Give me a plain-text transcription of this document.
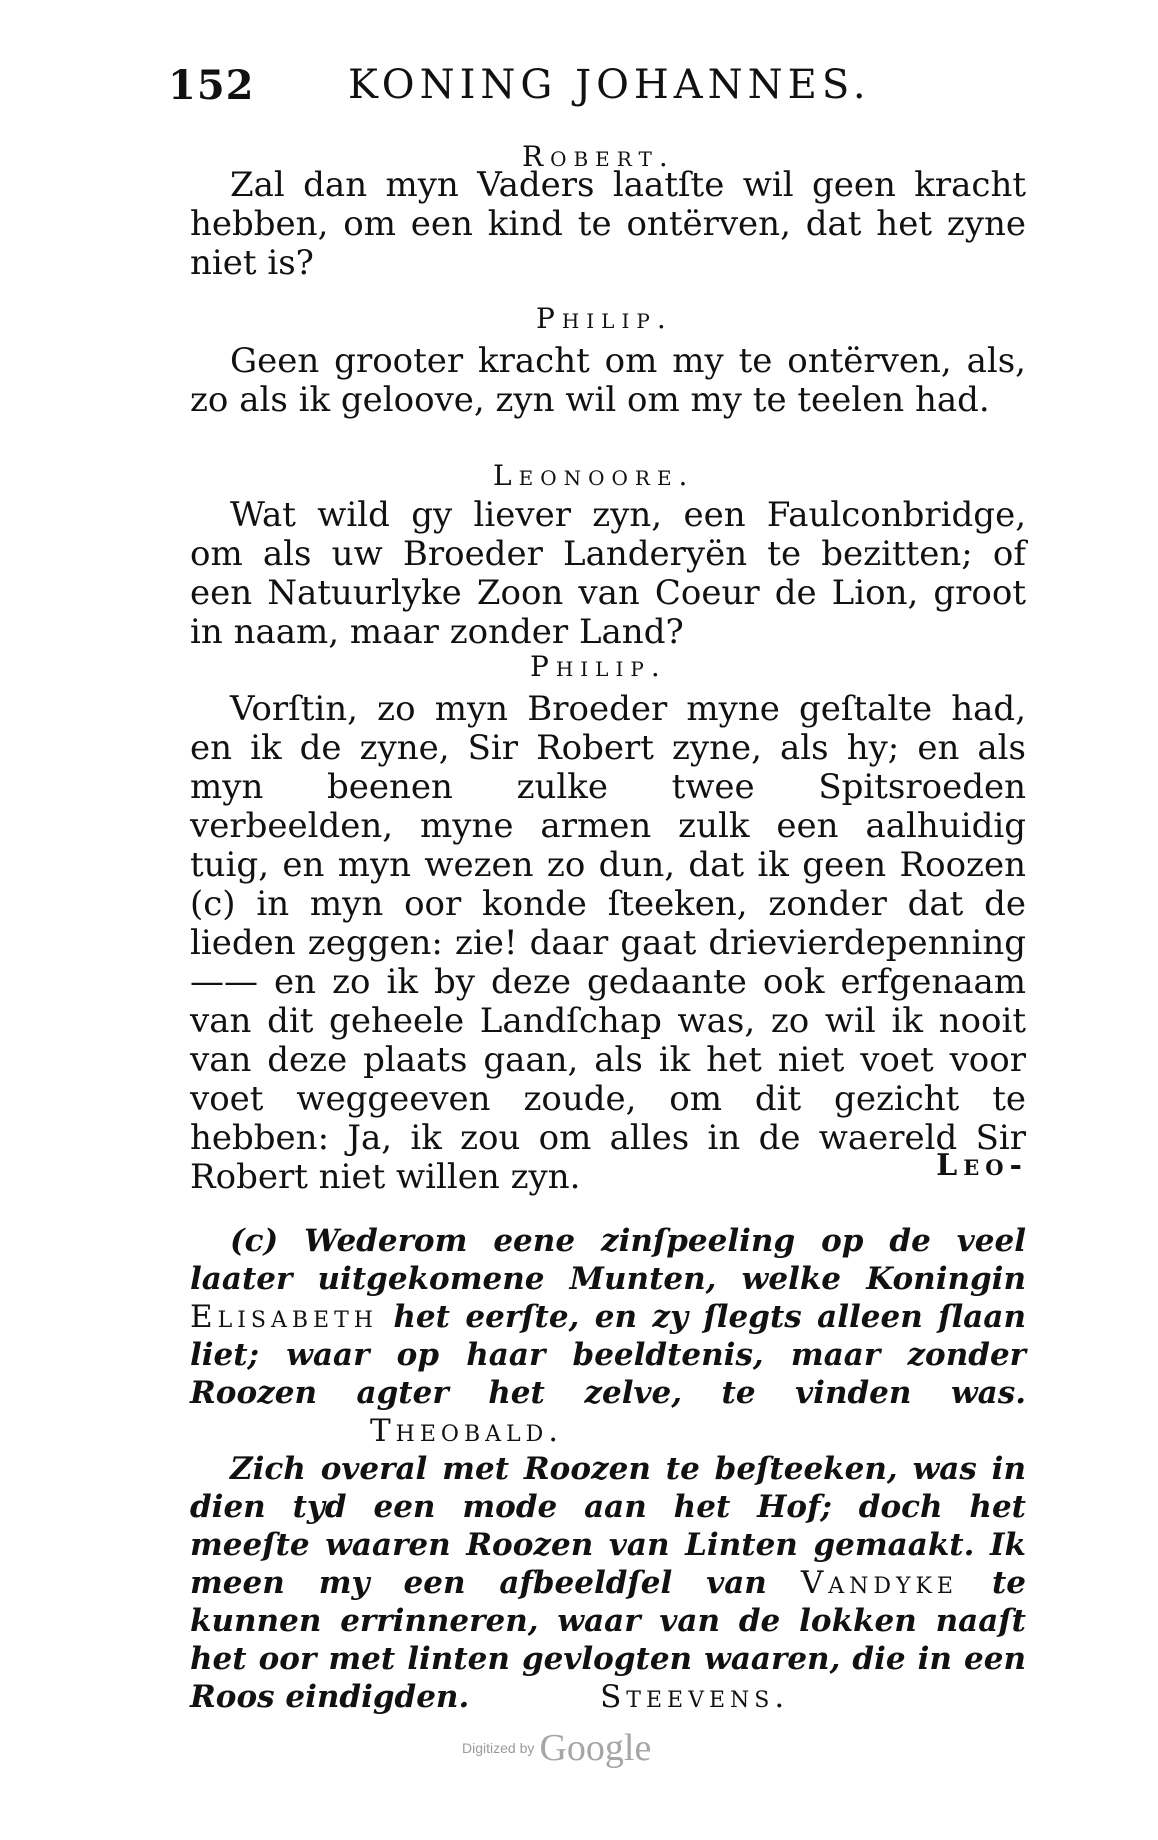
152 KONING JOHANNES.
Robert.

Zal dan myn Vaders laatſte wil geen kracht hebben, om een kind te ontërven, dat het zyne niet is?

Philip.

Geen grooter kracht om my te ontërven, als, zo als ik geloove, zyn wil om my te teelen had.

Leonoore.

Wat wild gy liever zyn, een Faulconbridge, om als uw Broeder Landeryën te bezitten; of een Natuurlyke Zoon van Coeur de Lion, groot in naam, maar zonder Land?

Philip.

Vorſtin, zo myn Broeder myne geſtalte had, en ik de zyne, Sir Robert zyne, als hy; en als myn beenen zulke twee Spitsroeden verbeelden, myne armen zulk een aalhuidig tuig, en myn wezen zo dun, dat ik geen Roozen (c) in myn oor konde ſteeken, zonder dat de lieden zeggen: zie! daar gaat drievierdepenning —— en zo ik by deze gedaante ook erfgenaam van dit geheele Landſchap was, zo wil ik nooit van deze plaats gaan, als ik het niet voet voor voet weggeeven zoude, om dit gezicht te hebben: Ja, ik zou om alles in de waereld Sir Robert niet willen zyn.	Leo-

(c) Wederom eene zinſpeeling op de veel laater uitgekomene Munten, welke Koningin Elisabeth het eerſte, en zy ſlegts alleen ſlaan liet; waar op haar beeldtenis, maar zonder Roozen agter het zelve, te vinden was. Theobald.

Zich overal met Roozen te beſteeken, was in dien tyd een mode aan het Hof; doch het meeſte waaren Roozen van Linten gemaakt. Ik meen my een afbeeldſel van Vandyke te kunnen errinneren, waar van de lokken naaſt het oor met linten gevlogten waaren, die in een Roos eindigden.	Steevens.

Digitized by Google
